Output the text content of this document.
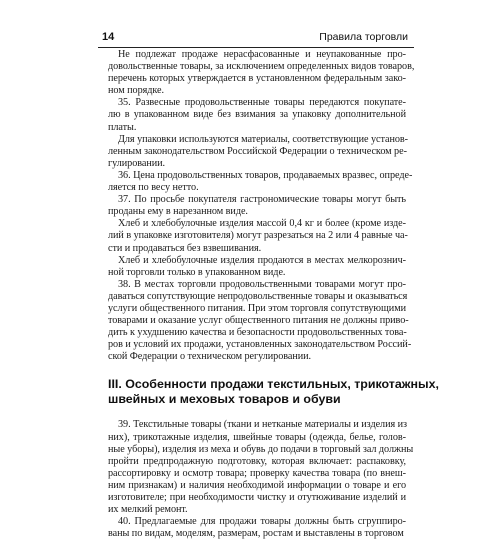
14	Правила торговли
Не подлежат продаже нерасфасованные и неупакованные про-
довольственные товары, за исключением определенных видов товаров,
перечень которых утверждается в установленном федеральным зако-
ном порядке.
35. Развесные продовольственные товары передаются покупате-
лю в упакованном виде без взимания за упаковку дополнительной
платы.
Для упаковки используются материалы, соответствующие установ-
ленным законодательством Российской Федерации о техническом ре-
гулировании.
36. Цена продовольственных товаров, продаваемых вразвес, опреде-
ляется по весу нетто.
37. По просьбе покупателя гастрономические товары могут быть
проданы ему в нарезанном виде.
Хлеб и хлебобулочные изделия массой 0,4 кг и более (кроме изде-
лий в упаковке изготовителя) могут разрезаться на 2 или 4 равные ча-
сти и продаваться без взвешивания.
Хлеб и хлебобулочные изделия продаются в местах мелкорознич-
ной торговли только в упакованном виде.
38. В местах торговли продовольственными товарами могут про-
даваться сопутствующие непродовольственные товары и оказываться
услуги общественного питания. При этом торговля сопутствующими
товарами и оказание услуг общественного питания не должны приво-
дить к ухудшению качества и безопасности продовольственных това-
ров и условий их продажи, установленных законодательством Россий-
ской Федерации о техническом регулировании.
III. Особенности продажи текстильных, трикотажных,
швейных и меховых товаров и обуви
39. Текстильные товары (ткани и нетканые материалы и изделия из
них), трикотажные изделия, швейные товары (одежда, белье, голов-
ные уборы), изделия из меха и обувь до подачи в торговый зал должны
пройти предпродажную подготовку, которая включает: распаковку,
рассортировку и осмотр товара; проверку качества товара (по внеш-
ним признакам) и наличия необходимой информации о товаре и его
изготовителе; при необходимости чистку и отутюживание изделий и
их мелкий ремонт.
40. Предлагаемые для продажи товары должны быть сгруппиро-
ваны по видам, моделям, размерам, ростам и выставлены в торговом
